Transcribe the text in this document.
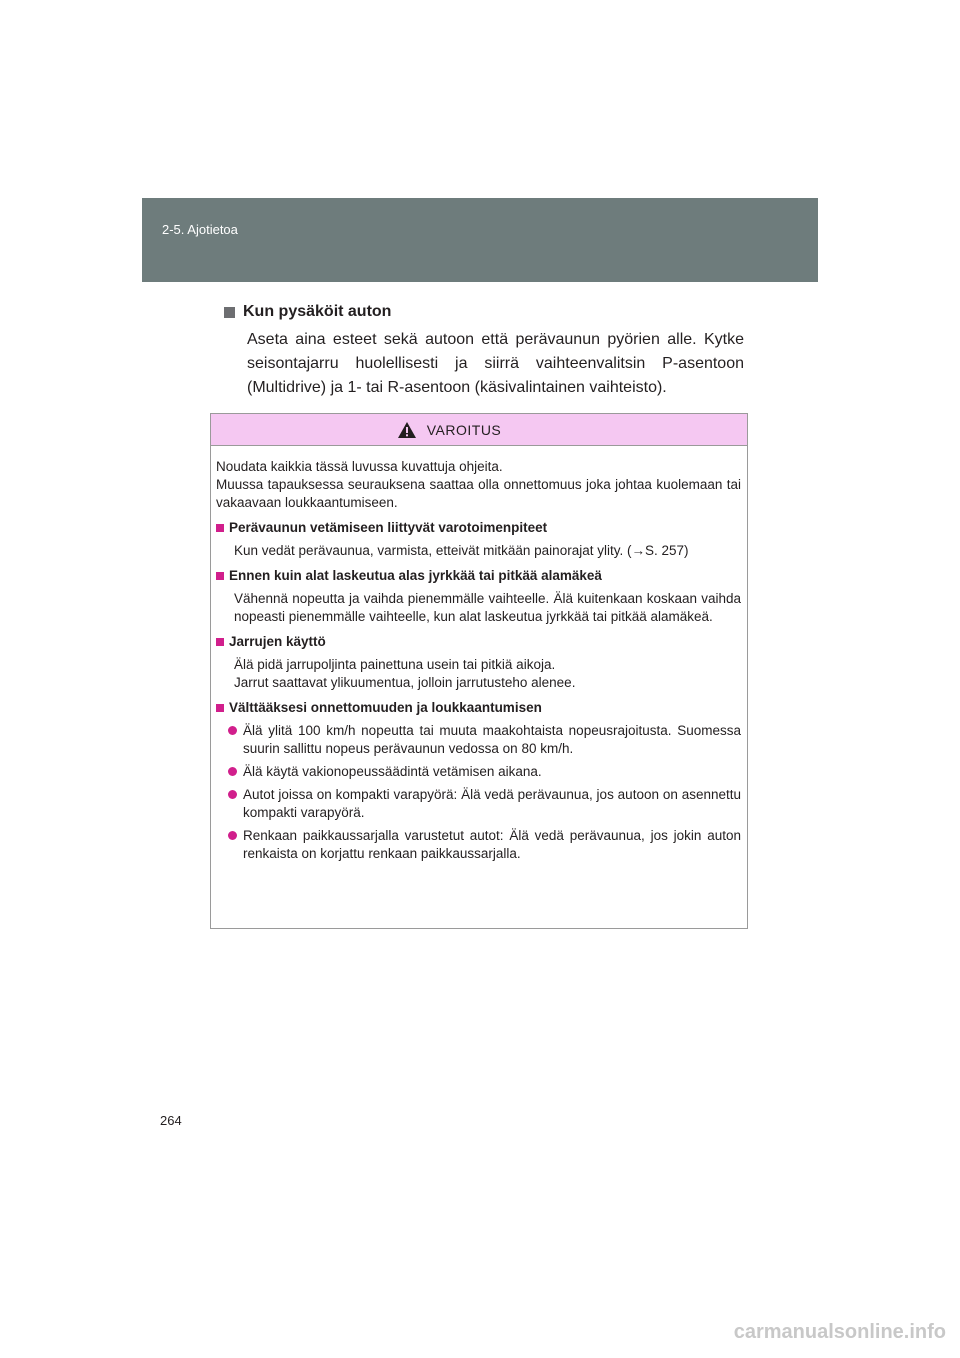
2-5. Ajotietoa
Kun pysäköit auton
Aseta aina esteet sekä autoon että perävaunun pyörien alle. Kytke seisontajarru huolellisesti ja siirrä vaihteenvalitsin P-asentoon (Multidrive) ja 1- tai R-asentoon (käsivalintainen vaihteisto).
VAROITUS
Noudata kaikkia tässä luvussa kuvattuja ohjeita.
Muussa tapauksessa seurauksena saattaa olla onnettomuus joka johtaa kuolemaan tai vakaavaan loukkaantumiseen.
Perävaunun vetämiseen liittyvät varotoimenpiteet
Kun vedät perävaunua, varmista, etteivät mitkään painorajat ylity. (→S. 257)
Ennen kuin alat laskeutua alas jyrkkää tai pitkää alamäkeä
Vähennä nopeutta ja vaihda pienemmälle vaihteelle. Älä kuitenkaan koskaan vaihda nopeasti pienemmälle vaihteelle, kun alat laskeutua jyrkkää tai pitkää alamäkeä.
Jarrujen käyttö
Älä pidä jarrupoljinta painettuna usein tai pitkiä aikoja.
Jarrut saattavat ylikuumentua, jolloin jarrutusteho alenee.
Välttääksesi onnettomuuden ja loukkaantumisen
Älä ylitä 100 km/h nopeutta tai muuta maakohtaista nopeusrajoitusta. Suomessa suurin sallittu nopeus perävaunun vedossa on 80 km/h.
Älä käytä vakionopeussäädintä vetämisen aikana.
Autot joissa on kompakti varapyörä: Älä vedä perävaunua, jos autoon on asennettu kompakti varapyörä.
Renkaan paikkaussarjalla varustetut autot: Älä vedä perävaunua, jos jokin auton renkaista on korjattu renkaan paikkaussarjalla.
264
carmanualsonline.info
